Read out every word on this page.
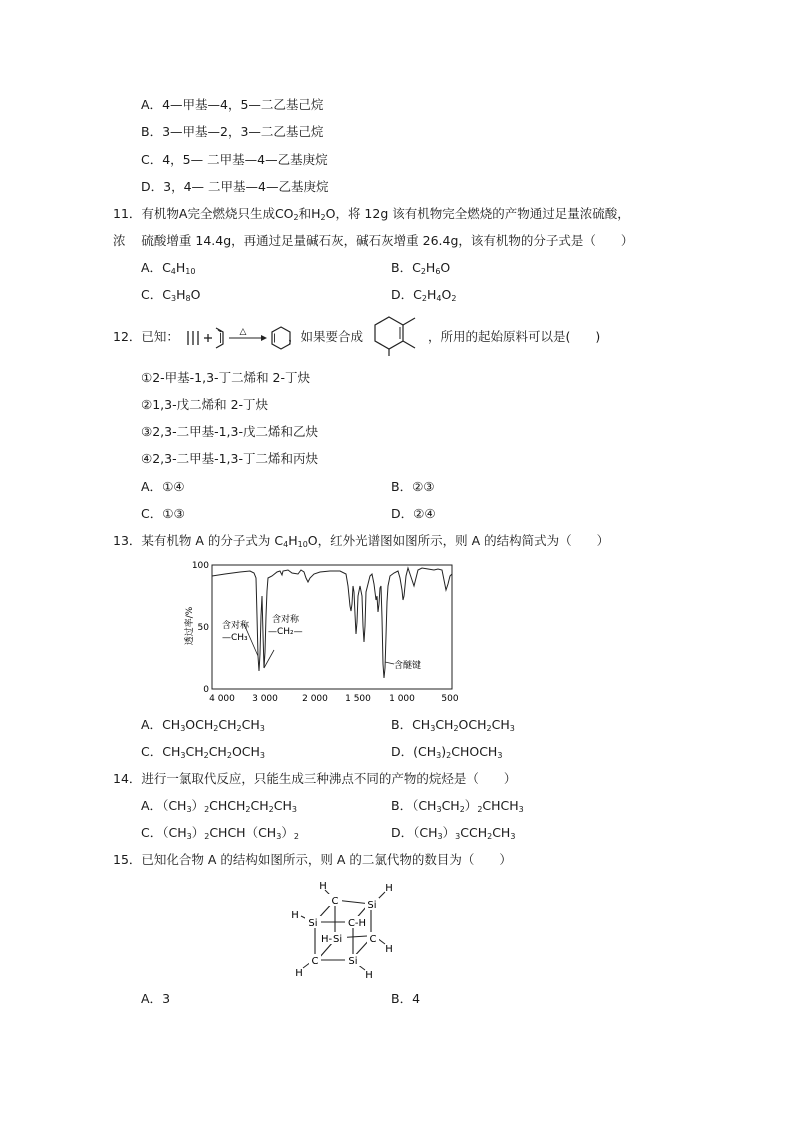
A．4—甲基—4，5—二乙基己烷
B．3—甲基—2，3—二乙基己烷
C．4，5— 二甲基—4—乙基庚烷
D．3，4— 二甲基—4—乙基庚烷
11．有机物A完全燃烧只生成$CO_2$和$H_2O$，将 12g 该有机物完全燃烧的产物通过足量浓硫酸，
浓 硫酸增重 14.4g，再通过足量碱石灰，碱石灰增重 26.4g，该有机物的分子式是（　　）
A．$C_4H_{10}$	B．$C_2H_6O$
C．$C_3H_8O$	D．$C_2H_4O_2$
12．已知：	△	，如果要合成	，所用的起始原料可以是(　　)
①2-甲基-1,3-丁二烯和 2-丁炔
②1,3-戊二烯和 2-丁炔
③2,3-二甲基-1,3-戊二烯和乙炔
④2,3-二甲基-1,3-丁二烯和丙炔
A．①④	B．②③
C．①③	D．②④
13．某有机物 A 的分子式为 $C_4H_{10}O$，红外光谱图如图所示，则 A 的结构简式为（　　）
透过率/%
100
50
0
4 000 3 000	2 000 1 500 1 000	500
含对称
—CH₃
含对称
—CH₂—
含醚键
A．$CH_3OCH_2CH_2CH_3$	B．$CH_3CH_2OCH_2CH_3$
C．$CH_3CH_2CH_2OCH_3$	D．$(CH_3)_2CHOCH_3$
14．进行一氯取代反应，只能生成三种沸点不同的产物的烷烃是（　　）
A．$(CH_3)_2CHCH_2CH_2CH_3$	B．$(CH_3CH_2)_2CHCH_3$
C．$(CH_3)_2CHCH(CH_3)_2$	D．$(CH_3)_3CCH_2CH_3$
15．已知化合物 A 的结构如图所示，则 A 的二氯代物的数目为（　　）
C	Si
Si	C-H
H- Si	C
C	Si
H	H
H
H
H	H
A．3	B．4
